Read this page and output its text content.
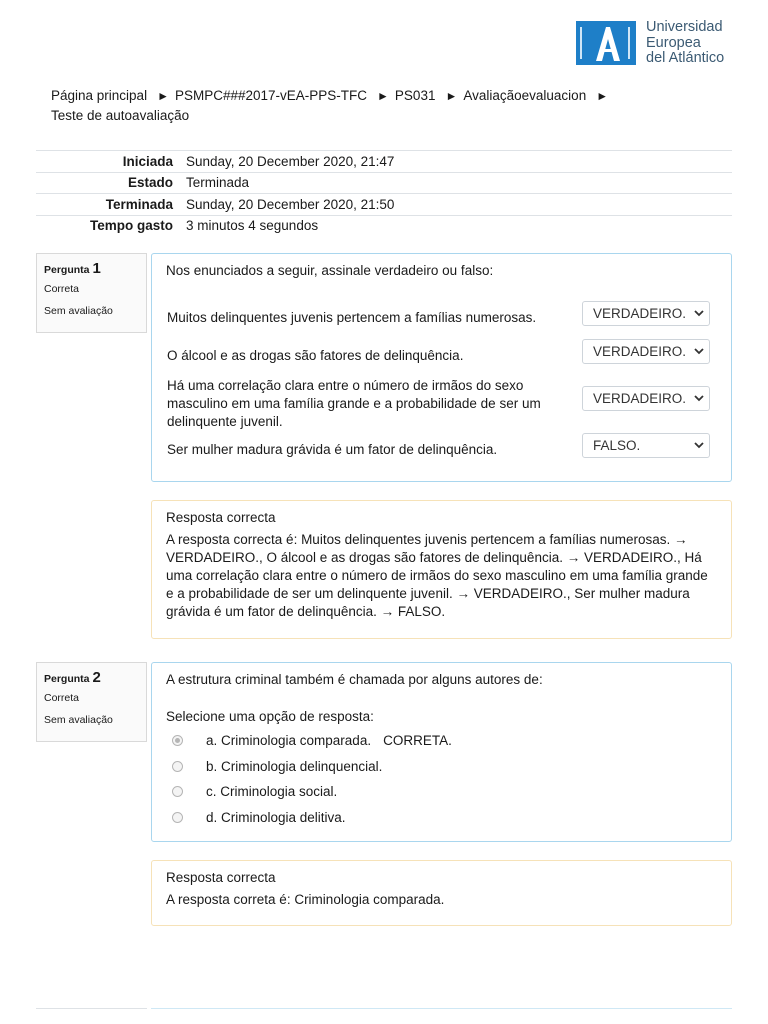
Universidad
Europea
del Atlántico
Página principal ► PSMPC###2017-vEA-PPS-TFC ► PS031 ► Avaliaçãoevaluacion ►
Teste de autoavaliação
Iniciada Sunday, 20 December 2020, 21:47
Estado Terminada
Terminada Sunday, 20 December 2020, 21:50
Tempo gasto 3 minutos 4 segundos
Pergunta 1
Correta
Sem avaliação
Nos enunciados a seguir, assinale verdadeiro ou falso:
Muitos delinquentes juvenis pertencem a famílias numerosas.	VERDADEIRO.
O álcool e as drogas são fatores de delinquência.	VERDADEIRO.
Há uma correlação clara entre o número de irmãos do sexo masculino em uma família grande e a probabilidade de ser um delinquente juvenil.
VERDADEIRO.
Ser mulher madura grávida é um fator de delinquência.	FALSO.
Resposta correcta
A resposta correcta é: Muitos delinquentes juvenis pertencem a famílias numerosas. → VERDADEIRO., O álcool e as drogas são fatores de delinquência. → VERDADEIRO., Há uma correlação clara entre o número de irmãos do sexo masculino em uma família grande e a probabilidade de ser um delinquente juvenil. → VERDADEIRO., Ser mulher madura grávida é um fator de delinquência. → FALSO.
Pergunta 2
Correta
Sem avaliação
A estrutura criminal também é chamada por alguns autores de:
Selecione uma opção de resposta:
a. Criminologia comparada. CORRETA.
b. Criminologia delinquencial.
c. Criminologia social.
d. Criminologia delitiva.
Resposta correcta
A resposta correta é: Criminologia comparada.
